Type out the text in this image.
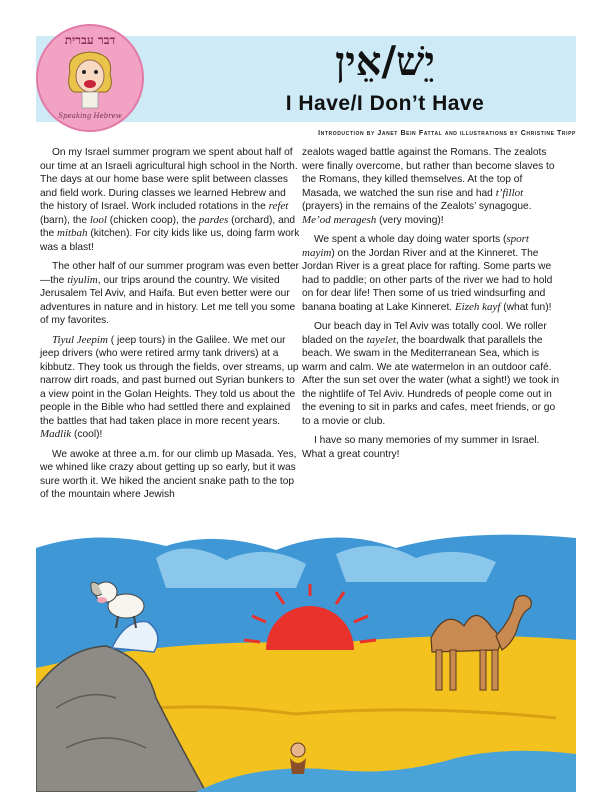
דבר עברית
Speaking Hebrew
יֵשׁ/אֵין
I Have/I Don’t Have
Introduction by Janet Bein Fattal and illustrations by Christine Tripp

On my Israel summer program we spent about half of our time at an Israeli agricultural high school in the North. The days at our home base were split between classes and field work. During classes we learned Hebrew and the history of Israel. Work included rotations in the refet (barn), the lool (chicken coop), the pardes (orchard), and the mitbah (kitchen). For city kids like us, doing farm work was a blast!

The other half of our summer program was even better—the tiyulim, our trips around the country. We visited Jerusalem Tel Aviv, and Haifa. But even better were our adventures in nature and in history. Let me tell you some of my favorites.

Tiyul Jeepim ( jeep tours) in the Galilee. We met our jeep drivers (who were retired army tank drivers) at a kibbutz. They took us through the fields, over streams, up narrow dirt roads, and past burned out Syrian bunkers to a view point in the Golan Heights. They told us about the people in the Bible who had settled there and explained the battles that had taken place in more recent years. Madlik (cool)!

We awoke at three a.m. for our climb up Masada. Yes, we whined like crazy about getting up so early, but it was sure worth it. We hiked the ancient snake path to the top of the mountain where Jewish

zealots waged battle against the Romans. The zealots were finally overcome, but rather than become slaves to the Romans, they killed themselves. At the top of Masada, we watched the sun rise and had t’fillot (prayers) in the remains of the Zealots’ synagogue. Me’od meragesh (very moving)!

We spent a whole day doing water sports (sport mayim) on the Jordan River and at the Kinneret. The Jordan River is a great place for rafting. Some parts we had to paddle; on other parts of the river we had to hold on for dear life! Then some of us tried windsurfing and banana boating at Lake Kinneret. Eizeh kayf (what fun)!

Our beach day in Tel Aviv was totally cool. We roller bladed on the tayelet, the boardwalk that parallels the beach. We swam in the Mediterranean Sea, which is warm and calm. We ate watermelon in an outdoor café. After the sun set over the water (what a sight!) we took in the nightlife of Tel Aviv. Hundreds of people come out in the evening to sit in parks and cafes, meet friends, or go to a movie or club.

I have so many memories of my summer in Israel. What a great country!
